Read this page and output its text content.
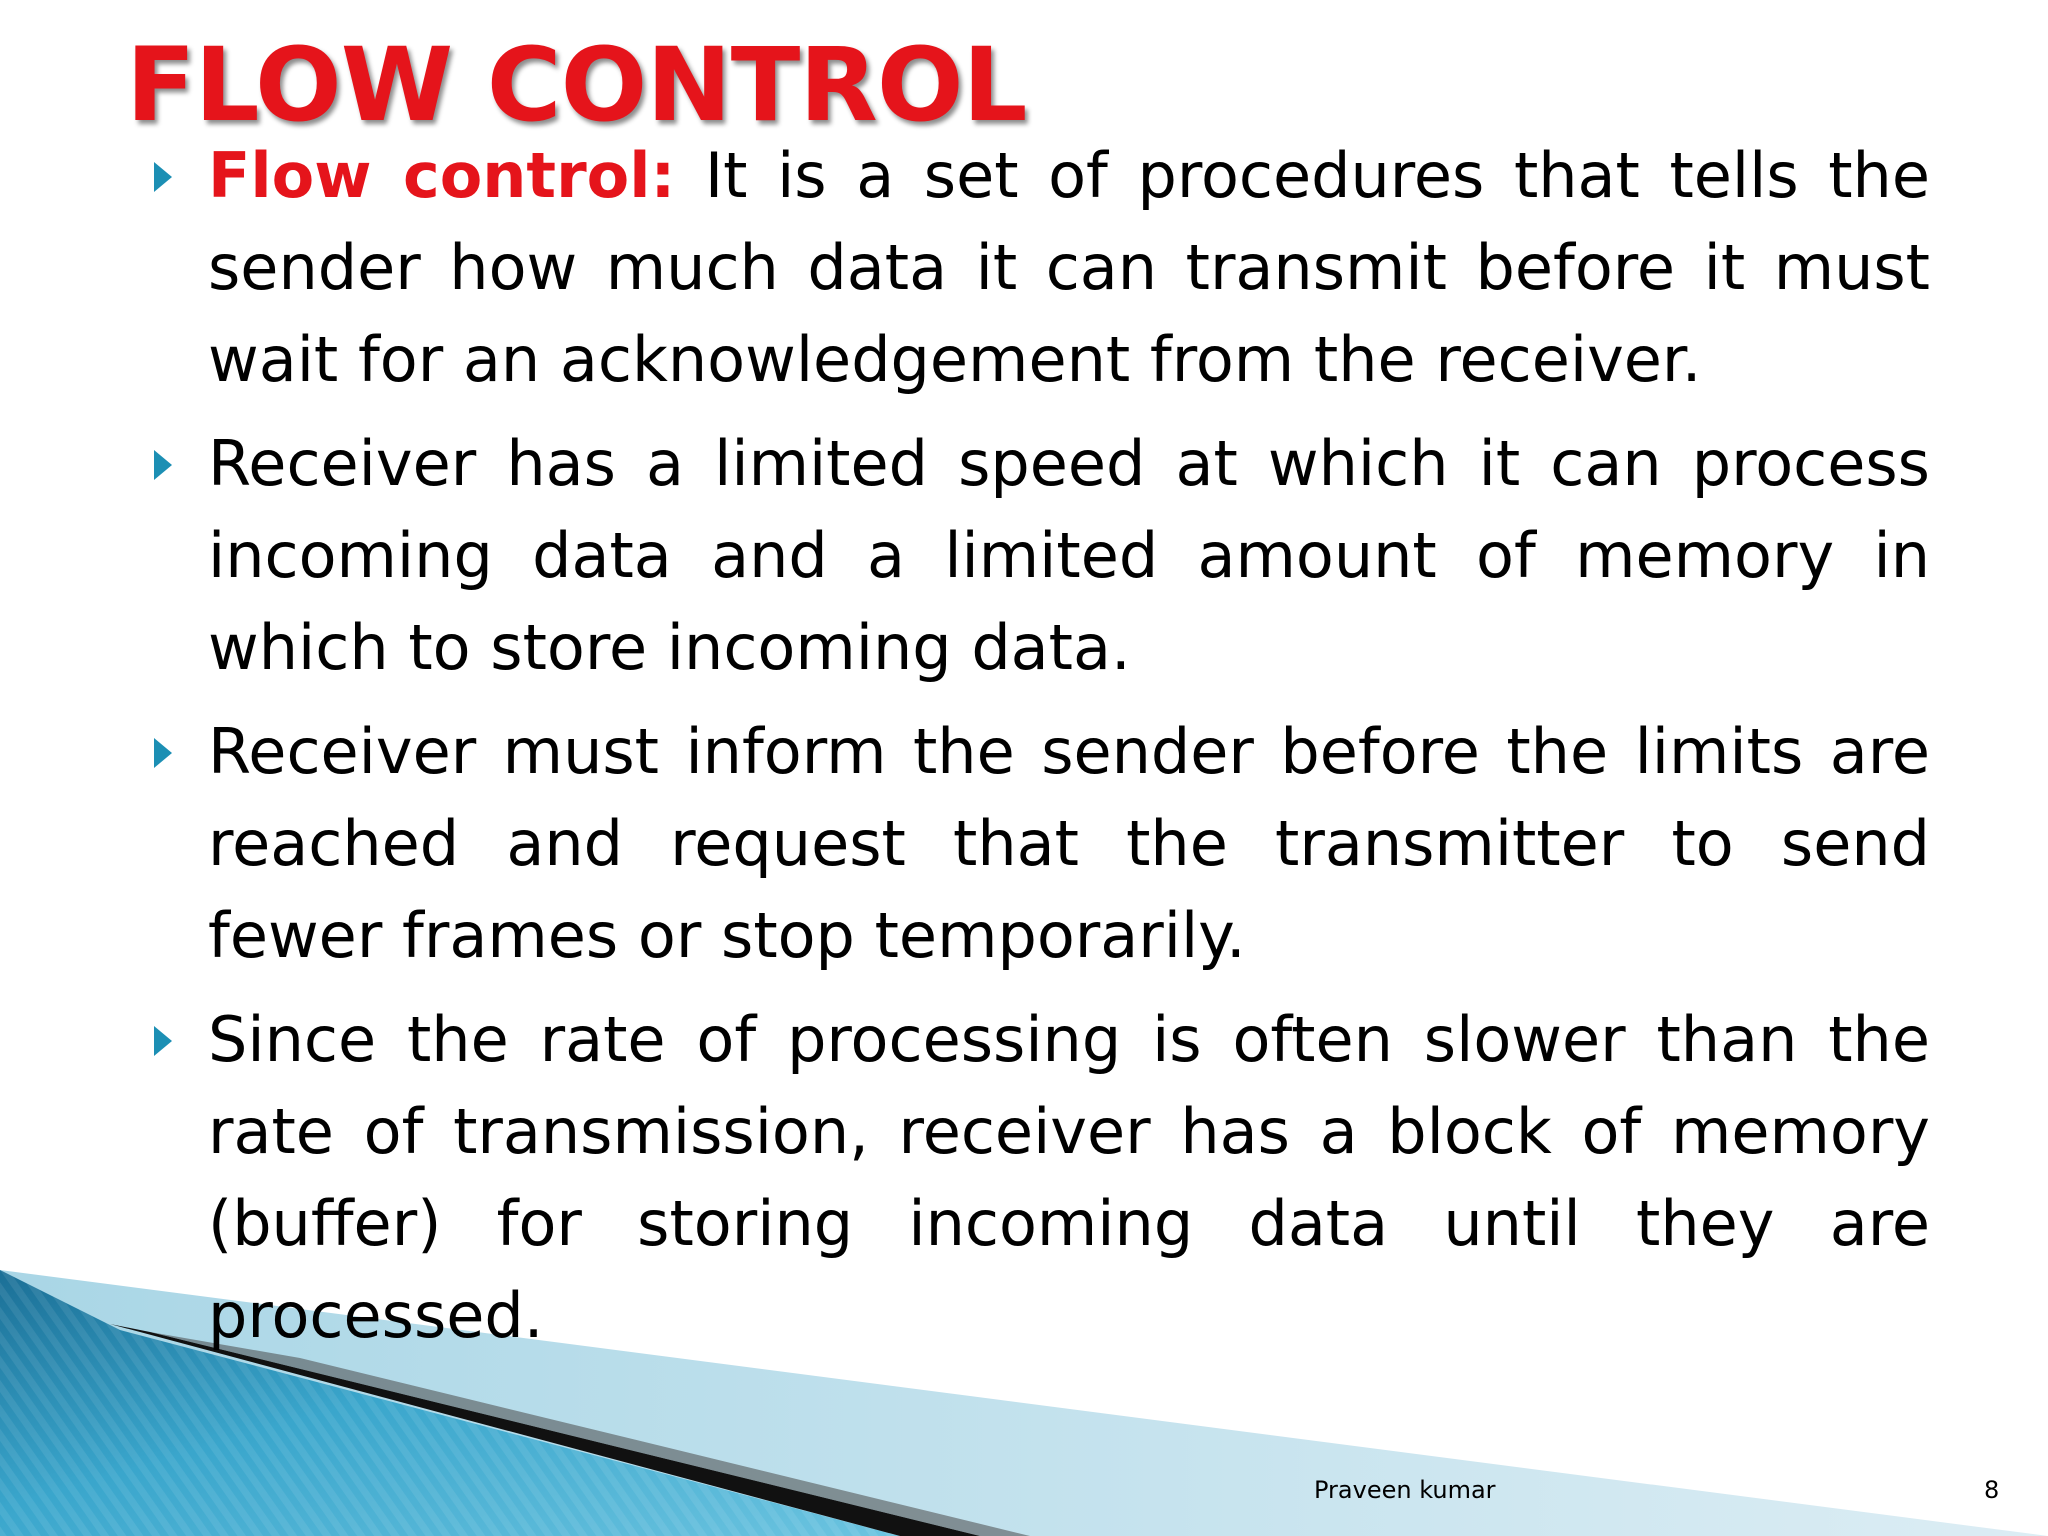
FLOW CONTROL
Flow control: It is a set of procedures that tells the sender how much data it can transmit before it must wait for an acknowledgement from the receiver.
Receiver has a limited speed at which it can process incoming data and a limited amount of memory in which to store incoming data.
Receiver must inform the sender before the limits are reached and request that the transmitter to send fewer frames or stop temporarily.
Since the rate of processing is often slower than the rate of transmission, receiver has a block of memory (buffer) for storing incoming data until they are processed.
Praveen kumar	8
